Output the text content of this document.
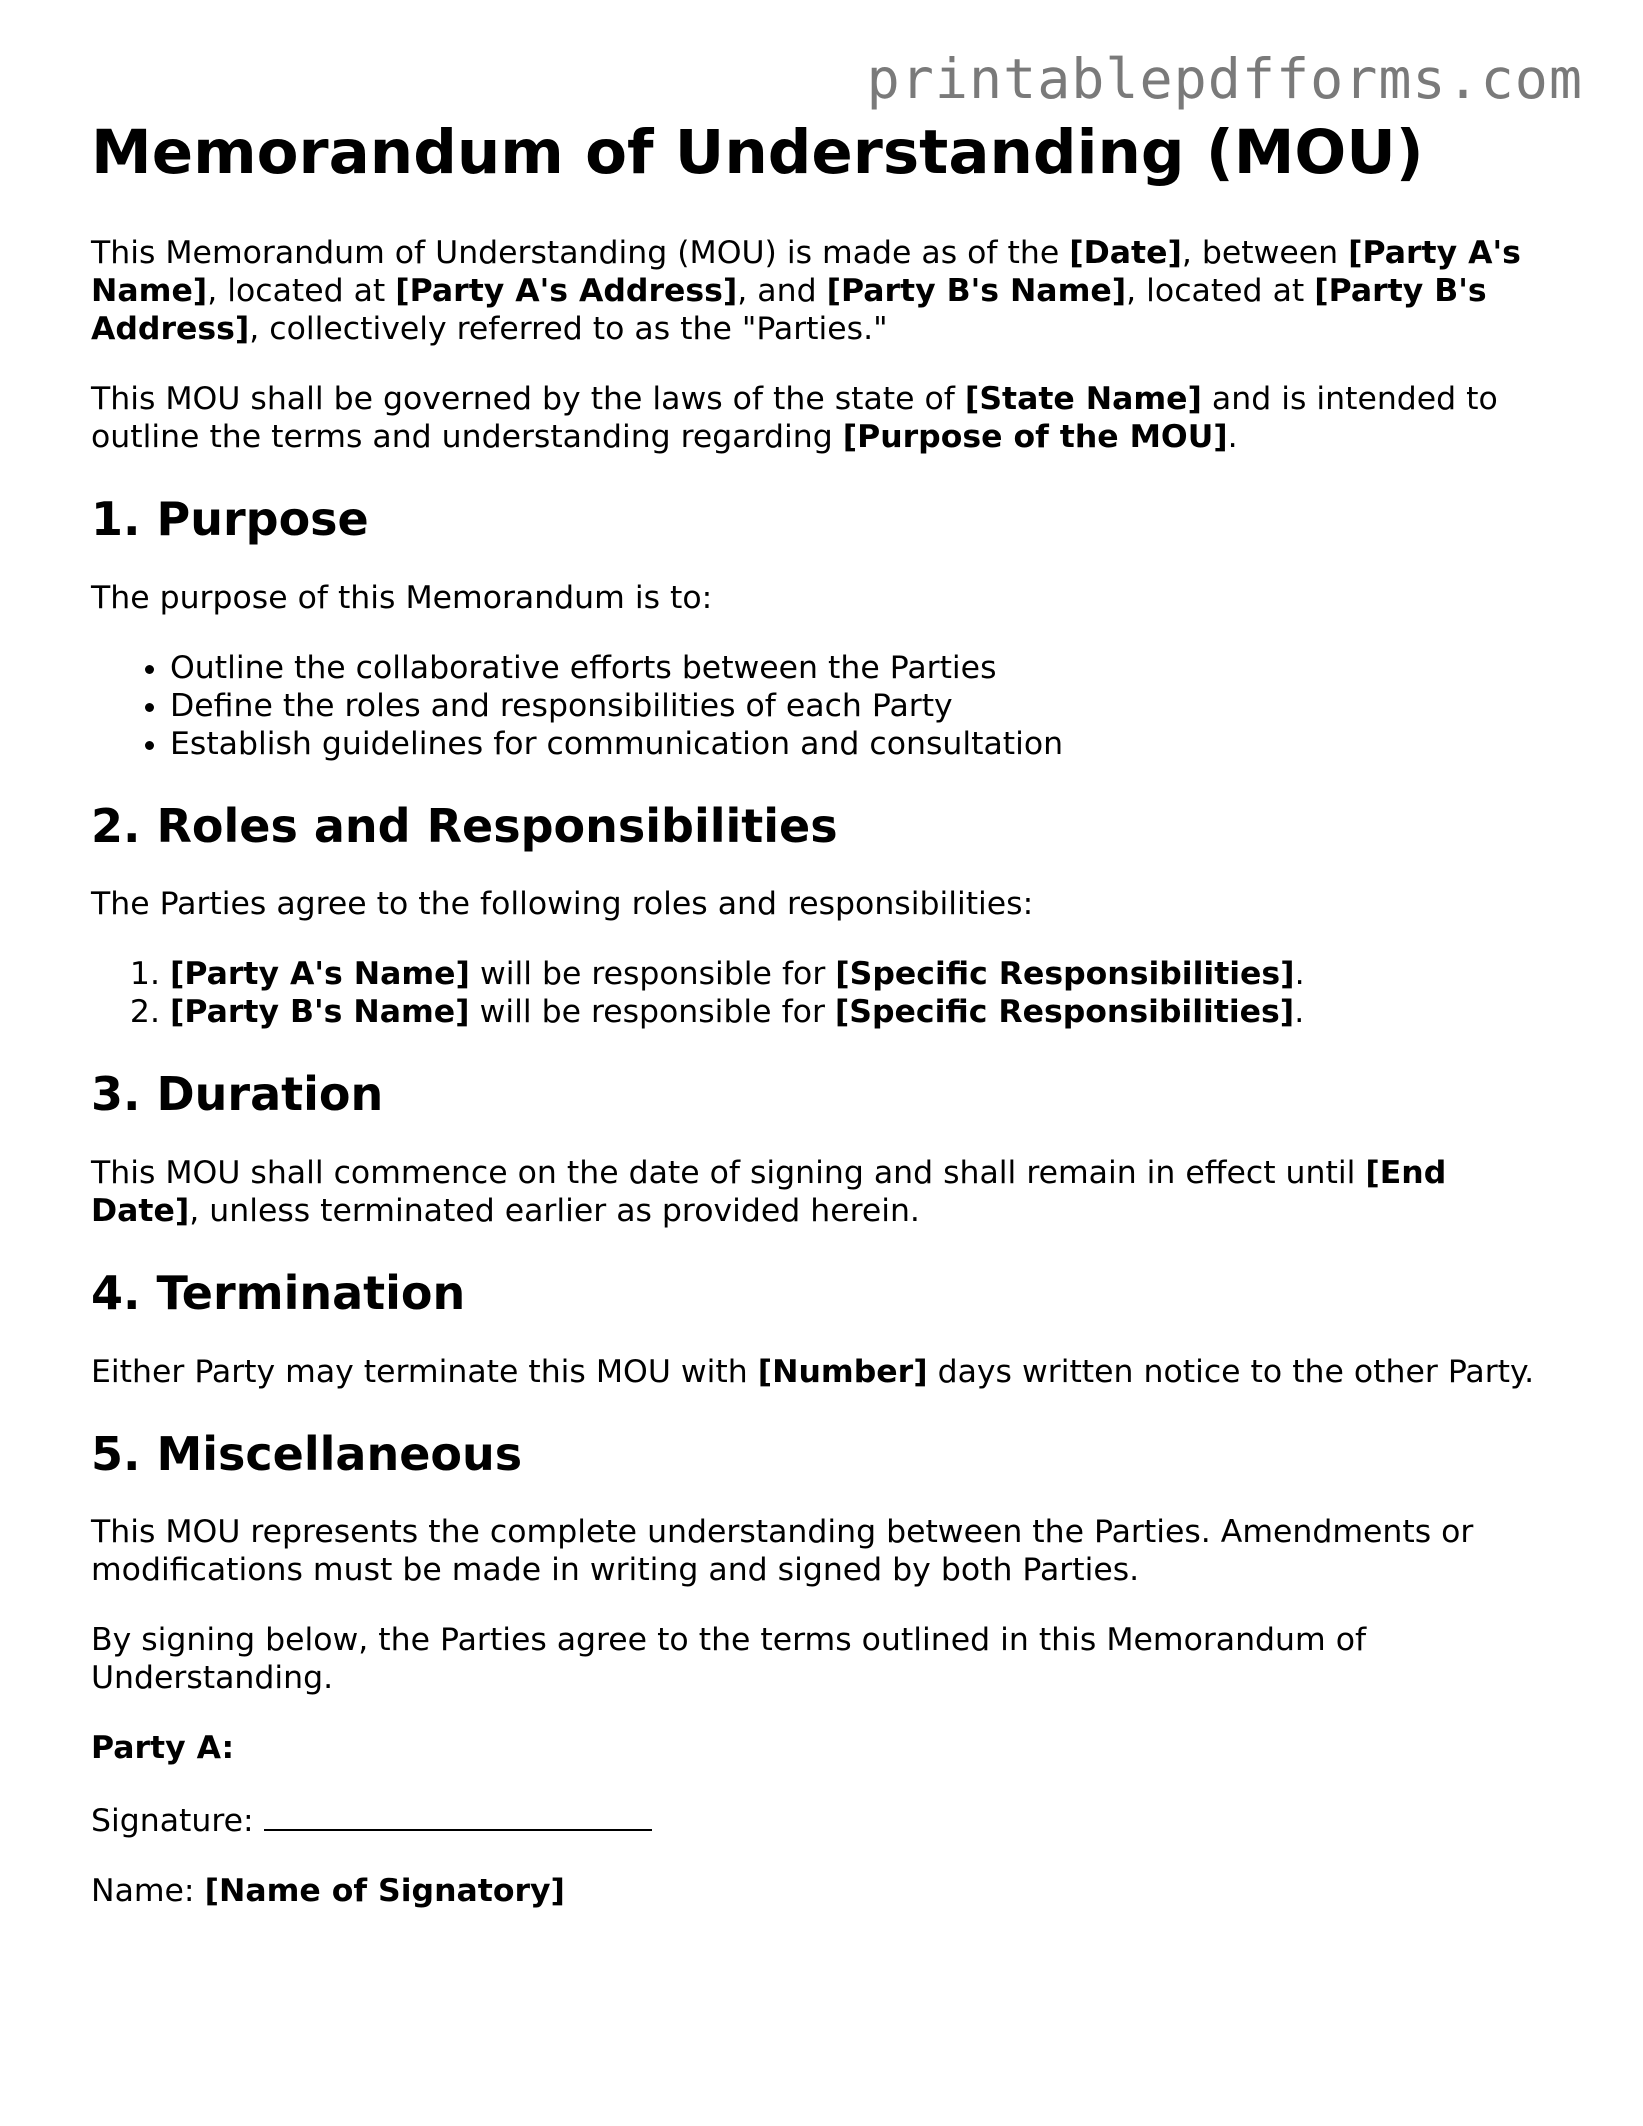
printablepdfforms.com
Memorandum of Understanding (MOU)

This Memorandum of Understanding (MOU) is made as of the [Date], between [Party A's Name], located at [Party A's Address], and [Party B's Name], located at [Party B's Address], collectively referred to as the "Parties."

This MOU shall be governed by the laws of the state of [State Name] and is intended to outline the terms and understanding regarding [Purpose of the MOU].

1. Purpose

The purpose of this Memorandum is to:

• Outline the collaborative efforts between the Parties
• Define the roles and responsibilities of each Party
• Establish guidelines for communication and consultation
2. Roles and Responsibilities

The Parties agree to the following roles and responsibilities:

1. [Party A's Name] will be responsible for [Specific Responsibilities].
2. [Party B's Name] will be responsible for [Specific Responsibilities].
3. Duration

This MOU shall commence on the date of signing and shall remain in effect until [End Date], unless terminated earlier as provided herein.

4. Termination

Either Party may terminate this MOU with [Number] days written notice to the other Party.

5. Miscellaneous

This MOU represents the complete understanding between the Parties. Amendments or modifications must be made in writing and signed by both Parties.

By signing below, the Parties agree to the terms outlined in this Memorandum of Understanding.

Party A:

Signature:

Name: [Name of Signatory]
